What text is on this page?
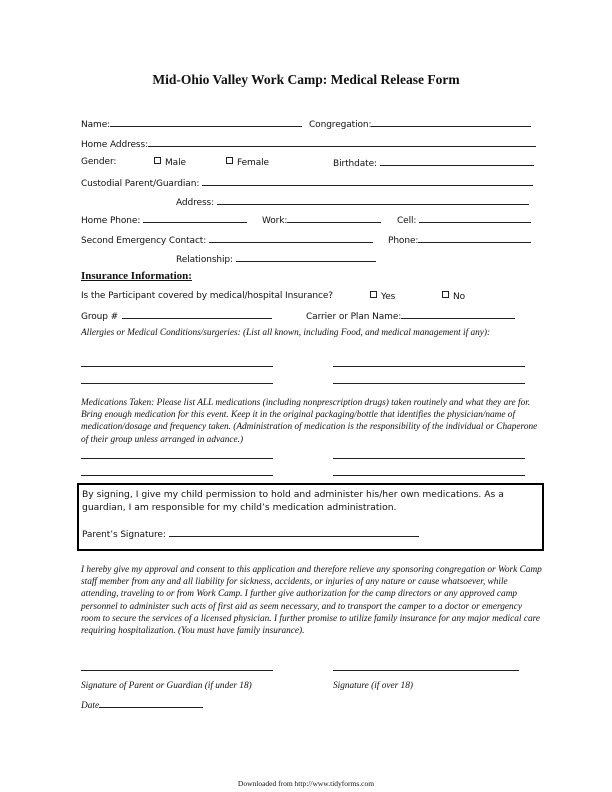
Mid-Ohio Valley Work Camp: Medical Release Form
Name:	Congregation:
Home Address:
Gender:	Male	Female	Birthdate:
Custodial Parent/Guardian:
Address:
Home Phone:	Work:	Cell:
Second Emergency Contact:	Phone:
Relationship:
Insurance Information:
Is the Participant covered by medical/hospital Insurance?	Yes	No
Group #	Carrier or Plan Name:
Allergies or Medical Conditions/surgeries: (List all known, including Food, and medical management if any):
Medications Taken: Please list ALL medications (including nonprescription drugs) taken routinely and what they are for. Bring enough medication for this event. Keep it in the original packaging/bottle that identifies the physician/name of medication/dosage and frequency taken. (Administration of medication is the responsibility of the individual or Chaperone of their group unless arranged in advance.)
By signing, I give my child permission to hold and administer his/her own medications. As a guardian, I am responsible for my child’s medication administration.
Parent’s Signature:
I hereby give my approval and consent to this application and therefore relieve any sponsoring congregation or Work Camp staff member from any and all liability for sickness, accidents, or injuries of any nature or cause whatsoever, while attending, traveling to or from Work Camp. I further give authorization for the camp directors or any approved camp personnel to administer such acts of first aid as seem necessary, and to transport the camper to a doctor or emergency room to secure the services of a licensed physician. I further promise to utilize family insurance for any major medical care requiring hospitalization. (You must have family insurance).
Signature of Parent or Guardian (if under 18)	Signature (if over 18)
Date
Downloaded from http://www.tidyforms.com
